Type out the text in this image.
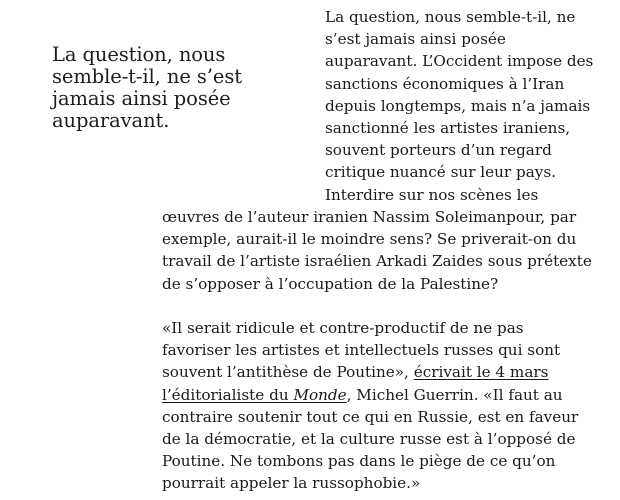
La question, nous
semble-t-il, ne s’est
jamais ainsi posée
auparavant.
La question, nous semble-t-il, ne
s’est jamais ainsi posée
auparavant. L’Occident impose des
sanctions économiques à l’Iran
depuis longtemps, mais n’a jamais
sanctionné les artistes iraniens,
souvent porteurs d’un regard
critique nuancé sur leur pays.
Interdire sur nos scènes les
œuvres de l’auteur iranien Nassim Soleimanpour, par
exemple, aurait-il le moindre sens? Se priverait-on du
travail de l’artiste israélien Arkadi Zaides sous prétexte
de s’opposer à l’occupation de la Palestine?
«Il serait ridicule et contre-productif de ne pas
favoriser les artistes et intellectuels russes qui sont
souvent l’antithèse de Poutine», écrivait le 4 mars
l’éditorialiste du Monde, Michel Guerrin. «Il faut au
contraire soutenir tout ce qui en Russie, est en faveur
de la démocratie, et la culture russe est à l’opposé de
Poutine. Ne tombons pas dans le piège de ce qu’on
pourrait appeler la russophobie.»
